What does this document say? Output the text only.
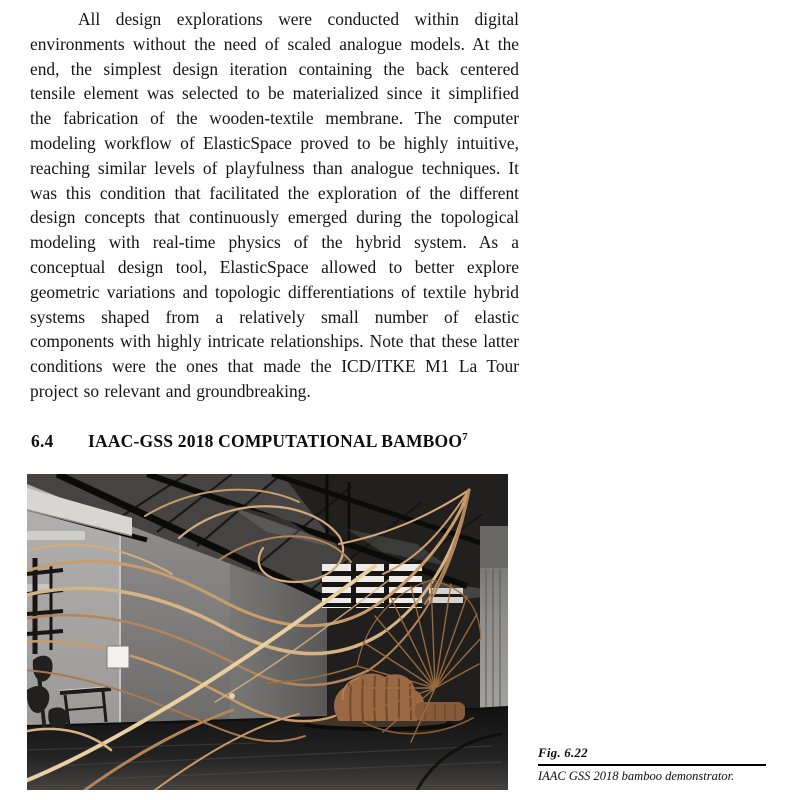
All design explorations were conducted within digital environments without the need of scaled analogue models. At the end, the simplest design iteration containing the back centered tensile element was selected to be materialized since it simplified the fabrication of the wooden-textile membrane. The computer modeling workflow of ElasticSpace proved to be highly intuitive, reaching similar levels of playfulness than analogue techniques. It was this condition that facilitated the exploration of the different design concepts that continuously emerged during the topological modeling with real-time physics of the hybrid system. As a conceptual design tool, ElasticSpace allowed to better explore geometric variations and topologic differentiations of textile hybrid systems shaped from a relatively small number of elastic components with highly intricate relationships. Note that these latter conditions were the ones that made the ICD/ITKE M1 La Tour project so relevant and groundbreaking.
6.4	IAAC-GSS 2018 COMPUTATIONAL BAMBOO$^7$
Fig. 6.22
IAAC GSS 2018 bamboo demonstrator.
